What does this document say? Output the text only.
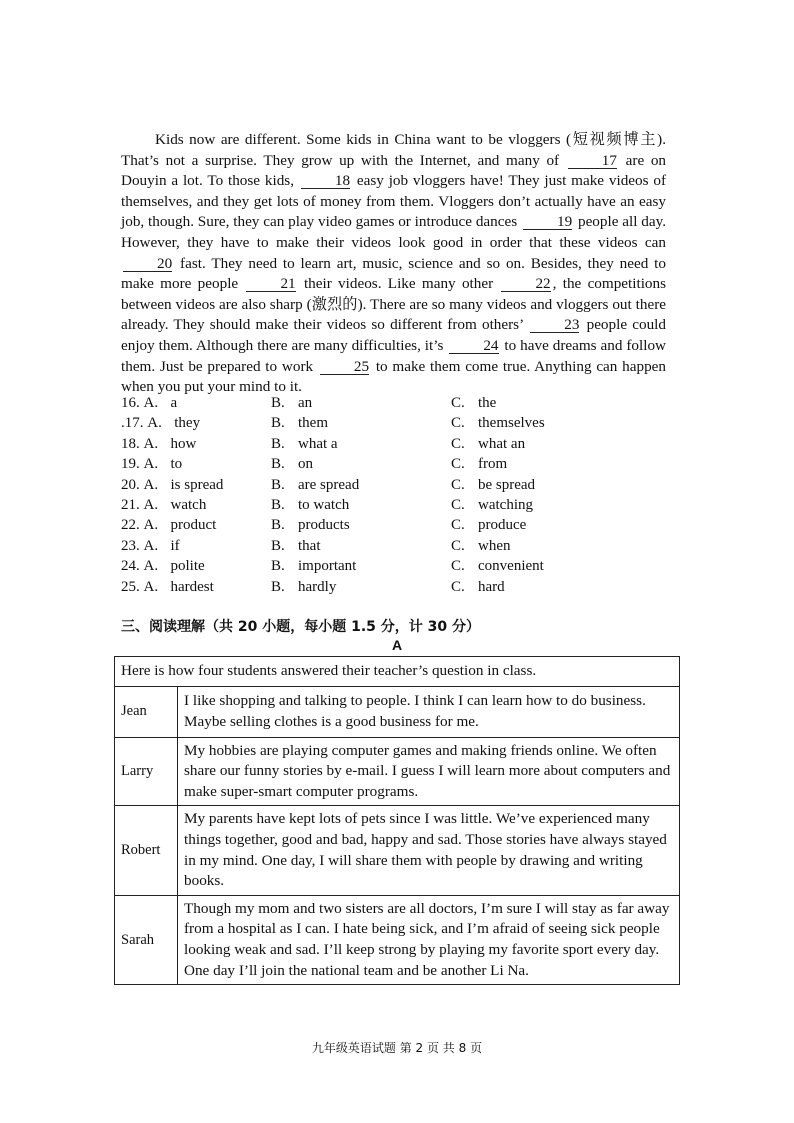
Kids now are different. Some kids in China want to be vloggers (短视频博主). That’s not a surprise. They grow up with the Internet, and many of	17 are on Douyin a lot. To those kids,	18 easy job vloggers have! They just make videos of themselves, and they get lots of money from them. Vloggers don’t actually have an easy job, though. Sure, they can play video games or introduce dances	19 people all day. However, they have to make their videos look good in order that these videos can 20 fast. They need to learn art, music, science and so on. Besides, they need to make more people	21 their videos. Like many other	22 , the competitions between videos are also sharp (激烈的). There are so many videos and vloggers out there already. They should make their videos so different from others’	23 people could enjoy them. Although there are many difficulties, it’s	24 to have dreams and follow them. Just be prepared to work	25 to make them come true. Anything can happen when you put your mind to it.

16. A. a	B. an	C. the
.17. A. they	B. them	C. themselves
18. A. how	B. what a	C. what an
19. A. to	B. on	C. from
20. A. is spread	B. are spread	C. be spread
21. A. watch	B. to watch	C. watching
22. A. product	B. products	C. produce
23. A. if	B. that	C. when
24. A. polite	B. important	C. convenient
25. A. hardest	B. hardly	C. hard
三、阅读理解（共 20 小题，每小题 1.5 分，计 30 分）
A
Here is how four students answered their teacher’s question in class.	
Jean	I like shopping and talking to people. I think I can learn how to do business. Maybe selling clothes is a good business for me.
Larry	My hobbies are playing computer games and making friends online. We often share our funny stories by e-mail. I guess I will learn more about computers and make super-smart computer programs.
Robert	My parents have kept lots of pets since I was little. We’ve experienced many things together, good and bad, happy and sad. Those stories have always stayed in my mind. One day, I will share them with people by drawing and writing books.
Sarah	Though my mom and two sisters are all doctors, I’m sure I will stay as far away from a hospital as I can. I hate being sick, and I’m afraid of seeing sick people looking weak and sad. I’ll keep strong by playing my favorite sport every day. One day I’ll join the national team and be another Li Na.
九年级英语试题 第 2 页 共 8 页
